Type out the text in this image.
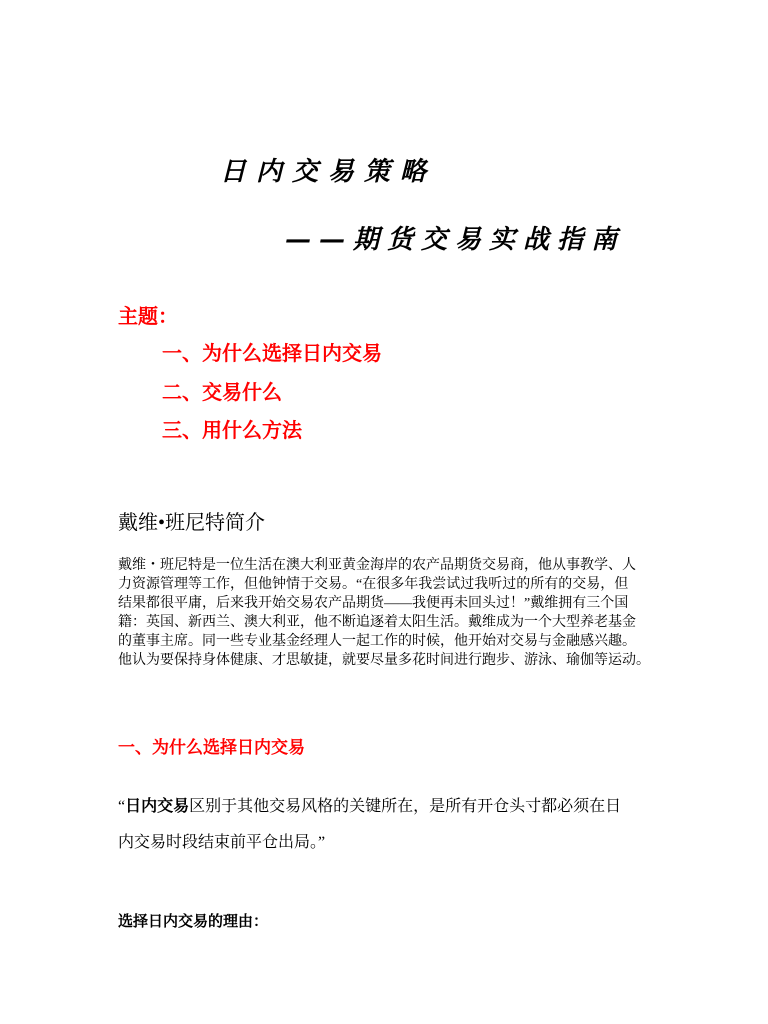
日内交易策略
——期货交易实战指南
主题：
一、为什么选择日内交易
二、交易什么
三、用什么方法
戴维•班尼特简介
戴维・班尼特是一位生活在澳大利亚黄金海岸的农产品期货交易商，他从事教学、人
力资源管理等工作，但他钟情于交易。“在很多年我尝试过我听过的所有的交易，但
结果都很平庸，后来我开始交易农产品期货——我便再未回头过！”戴维拥有三个国
籍：英国、新西兰、澳大利亚，他不断追逐着太阳生活。戴维成为一个大型养老基金
的董事主席。同一些专业基金经理人一起工作的时候，他开始对交易与金融感兴趣。
他认为要保持身体健康、才思敏捷，就要尽量多花时间进行跑步、游泳、瑜伽等运动。
一、为什么选择日内交易
“日内交易区别于其他交易风格的关键所在，是所有开仓头寸都必须在日
内交易时段结束前平仓出局。”
选择日内交易的理由：
